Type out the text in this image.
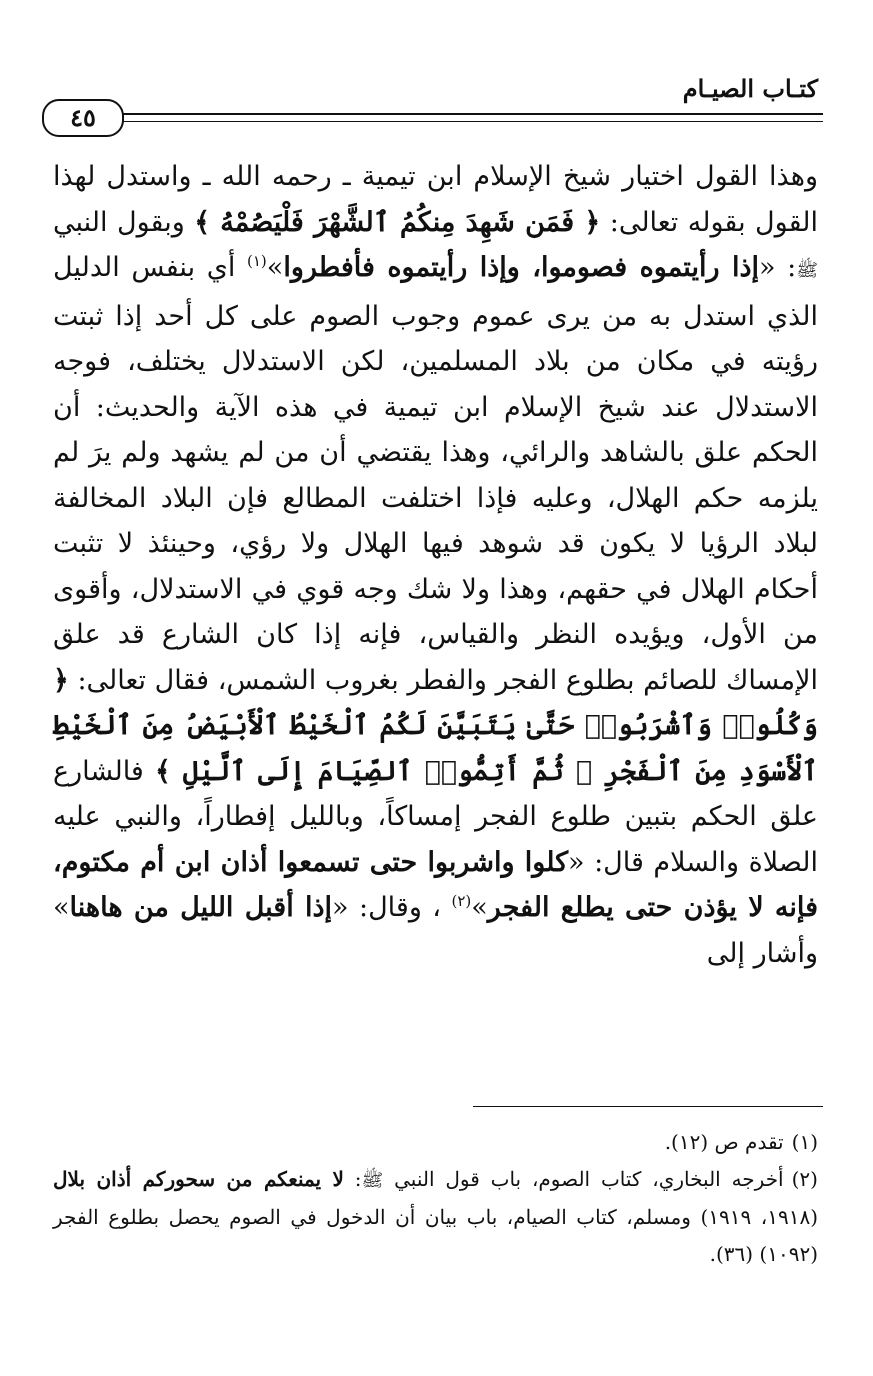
كتـاب الصيـام
٤٥

وهذا القول اختيار شيخ الإسلام ابن تيمية ـ رحمه الله ـ واستدل لهذا القول بقوله تعالى: ﴿ فَمَن شَهِدَ مِنكُمُ ٱلشَّهْرَ فَلْيَصُمْهُ ﴾ وبقول النبي ﷺ: «إذا رأيتموه فصوموا، وإذا رأيتموه فأفطروا»$^{(١)}$ أي بنفس الدليل الذي استدل به من يرى عموم وجوب الصوم على كل أحد إذا ثبتت رؤيته في مكان من بلاد المسلمين، لكن الاستدلال يختلف، فوجه الاستدلال عند شيخ الإسلام ابن تيمية في هذه الآية والحديث: أن الحكم علق بالشاهد والرائي، وهذا يقتضي أن من لم يشهد ولم يرَ لم يلزمه حكم الهلال، وعليه فإذا اختلفت المطالع فإن البلاد المخالفة لبلاد الرؤيا لا يكون قد شوهد فيها الهلال ولا رؤي، وحينئذ لا تثبت أحكام الهلال في حقهم، وهذا ولا شك وجه قوي في الاستدلال، وأقوى من الأول، ويؤيده النظر والقياس، فإنه إذا كان الشارع قد علق الإمساك للصائم بطلوع الفجر والفطر بغروب الشمس، فقال تعالى: ﴿ وَكُلُوا۟ وَٱشْرَبُوا۟ حَتَّىٰ يَتَبَيَّنَ لَكُمُ ٱلْخَيْطُ ٱلْأَبْيَضُ مِنَ ٱلْخَيْطِ ٱلْأَسْوَدِ مِنَ ٱلْفَجْرِ ۖ ثُمَّ أَتِمُّوا۟ ٱلصِّيَامَ إِلَى ٱلَّيْلِ ﴾ فالشارع علق الحكم بتبين طلوع الفجر إمساكاً، وبالليل إفطاراً، والنبي عليه الصلاة والسلام قال: «كلوا واشربوا حتى تسمعوا أذان ابن أم مكتوم، فإنه لا يؤذن حتى يطلع الفجر»$^{(٢)}$ ، وقال: «إذا أقبل الليل من هاهنا» وأشار إلى

(١)تقدم ص (١٢).

(٢)أخرجه البخاري، كتاب الصوم، باب قول النبي ﷺ: لا يمنعكم من سحوركم أذان بلال (١٩١٨، ١٩١٩) ومسلم، كتاب الصيام، باب بيان أن الدخول في الصوم يحصل بطلوع الفجر (١٠٩٢) (٣٦).
